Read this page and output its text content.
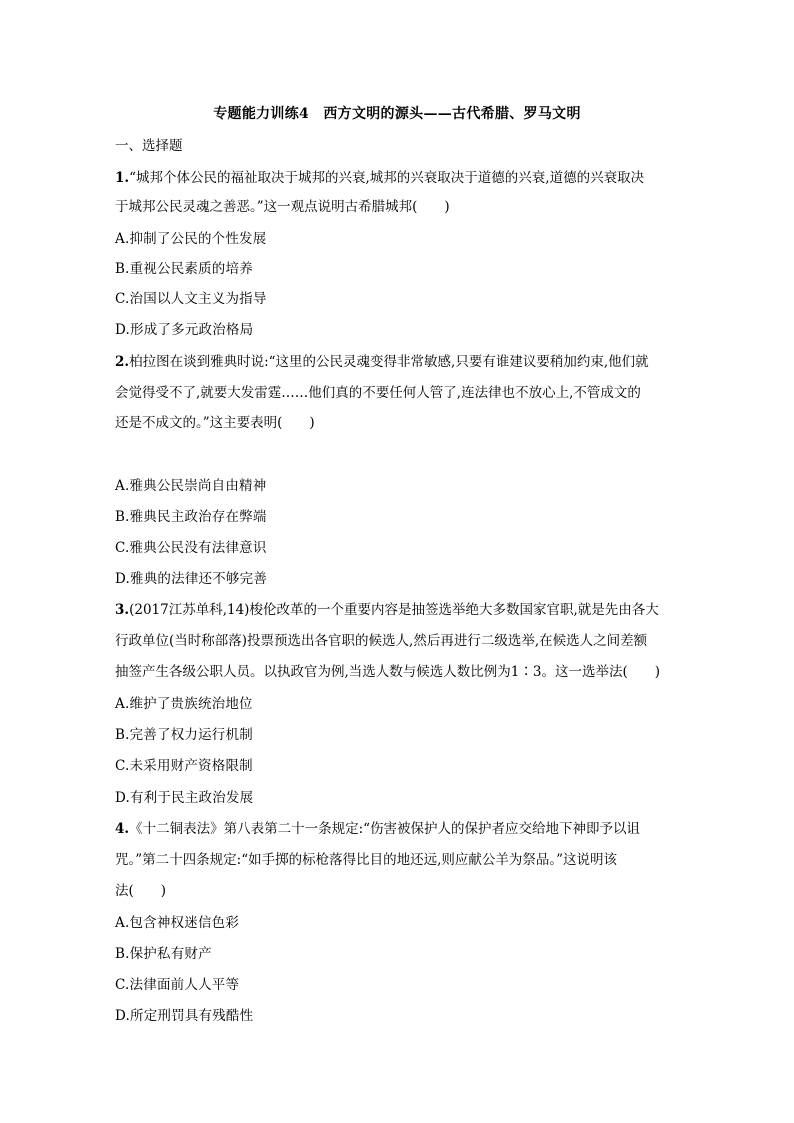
专题能力训练4　西方文明的源头——古代希腊、罗马文明
一、选择题
1.“城邦个体公民的福祉取决于城邦的兴衰,城邦的兴衰取决于道德的兴衰,道德的兴衰取决
于城邦公民灵魂之善恶。”这一观点说明古希腊城邦(　　)
A.抑制了公民的个性发展
B.重视公民素质的培养
C.治国以人文主义为指导
D.形成了多元政治格局
2.柏拉图在谈到雅典时说:“这里的公民灵魂变得非常敏感,只要有谁建议要稍加约束,他们就
会觉得受不了,就要大发雷霆……他们真的不要任何人管了,连法律也不放心上,不管成文的
还是不成文的。”这主要表明(　　)
A.雅典公民崇尚自由精神
B.雅典民主政治存在弊端
C.雅典公民没有法律意识
D.雅典的法律还不够完善
3.(2017江苏单科,14)梭伦改革的一个重要内容是抽签选举绝大多数国家官职,就是先由各大
行政单位(当时称部落)投票预选出各官职的候选人,然后再进行二级选举,在候选人之间差额
抽签产生各级公职人员。以执政官为例,当选人数与候选人数比例为1∶3。这一选举法(　　)
A.维护了贵族统治地位
B.完善了权力运行机制
C.未采用财产资格限制
D.有利于民主政治发展
4.《十二铜表法》第八表第二十一条规定:“伤害被保护人的保护者应交给地下神即予以诅
咒。”第二十四条规定:“如手掷的标枪落得比目的地还远,则应献公羊为祭品。”这说明该
法(　　)
A.包含神权迷信色彩
B.保护私有财产
C.法律面前人人平等
D.所定刑罚具有残酷性
